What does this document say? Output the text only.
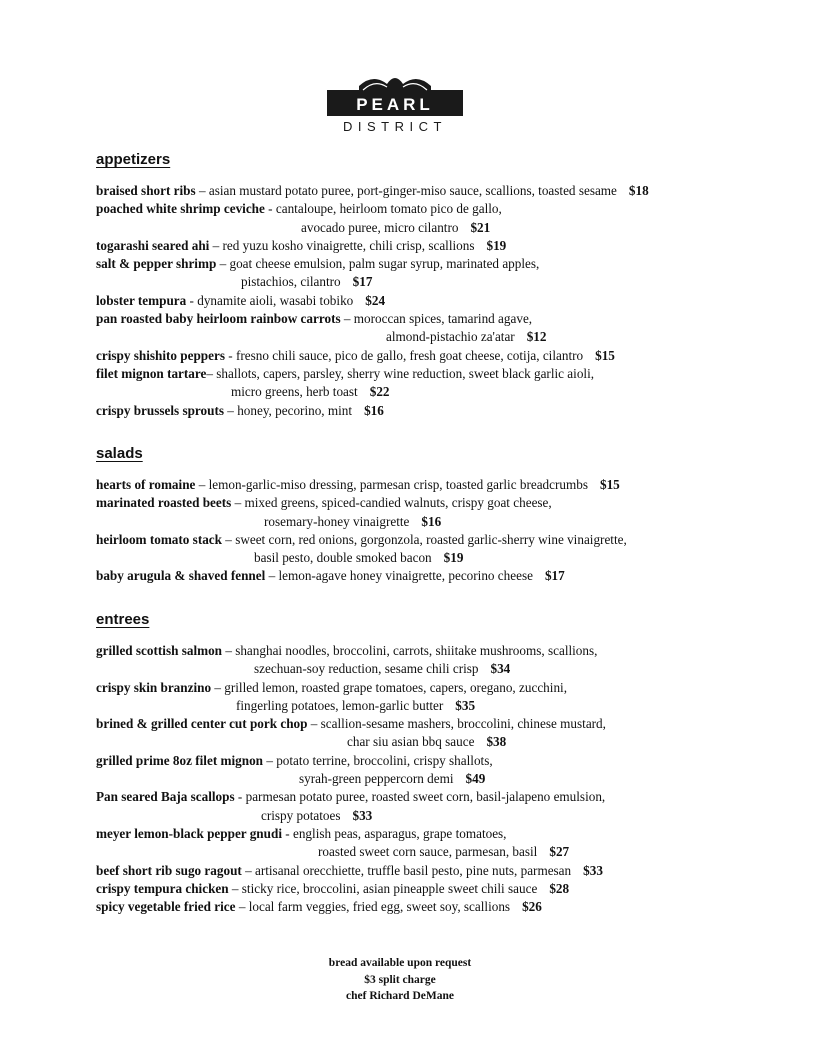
PEARL
DISTRICT
appetizers
braised short ribs – asian mustard potato puree, port-ginger-miso sauce, scallions, toasted sesame $18
poached white shrimp ceviche - cantaloupe, heirloom tomato pico de gallo,
avocado puree, micro cilantro $21
togarashi seared ahi – red yuzu kosho vinaigrette, chili crisp, scallions $19
salt & pepper shrimp – goat cheese emulsion, palm sugar syrup, marinated apples,
pistachios, cilantro $17
lobster tempura - dynamite aioli, wasabi tobiko $24
pan roasted baby heirloom rainbow carrots – moroccan spices, tamarind agave,
almond-pistachio za'atar $12
crispy shishito peppers - fresno chili sauce, pico de gallo, fresh goat cheese, cotija, cilantro $15
filet mignon tartare– shallots, capers, parsley, sherry wine reduction, sweet black garlic aioli,
micro greens, herb toast $22
crispy brussels sprouts – honey, pecorino, mint $16
salads
hearts of romaine – lemon-garlic-miso dressing, parmesan crisp, toasted garlic breadcrumbs $15
marinated roasted beets – mixed greens, spiced-candied walnuts, crispy goat cheese,
rosemary-honey vinaigrette $16
heirloom tomato stack – sweet corn, red onions, gorgonzola, roasted garlic-sherry wine vinaigrette,
basil pesto, double smoked bacon $19
baby arugula & shaved fennel – lemon-agave honey vinaigrette, pecorino cheese $17
entrees
grilled scottish salmon – shanghai noodles, broccolini, carrots, shiitake mushrooms, scallions,
szechuan-soy reduction, sesame chili crisp $34
crispy skin branzino – grilled lemon, roasted grape tomatoes, capers, oregano, zucchini,
fingerling potatoes, lemon-garlic butter $35
brined & grilled center cut pork chop – scallion-sesame mashers, broccolini, chinese mustard,
char siu asian bbq sauce $38
grilled prime 8oz filet mignon – potato terrine, broccolini, crispy shallots,
syrah-green peppercorn demi $49
Pan seared Baja scallops - parmesan potato puree, roasted sweet corn, basil-jalapeno emulsion,
crispy potatoes $33
meyer lemon-black pepper gnudi - english peas, asparagus, grape tomatoes,
roasted sweet corn sauce, parmesan, basil $27
beef short rib sugo ragout – artisanal orecchiette, truffle basil pesto, pine nuts, parmesan $33
crispy tempura chicken – sticky rice, broccolini, asian pineapple sweet chili sauce $28
spicy vegetable fried rice – local farm veggies, fried egg, sweet soy, scallions $26
bread available upon request
$3 split charge
chef Richard DeMane
